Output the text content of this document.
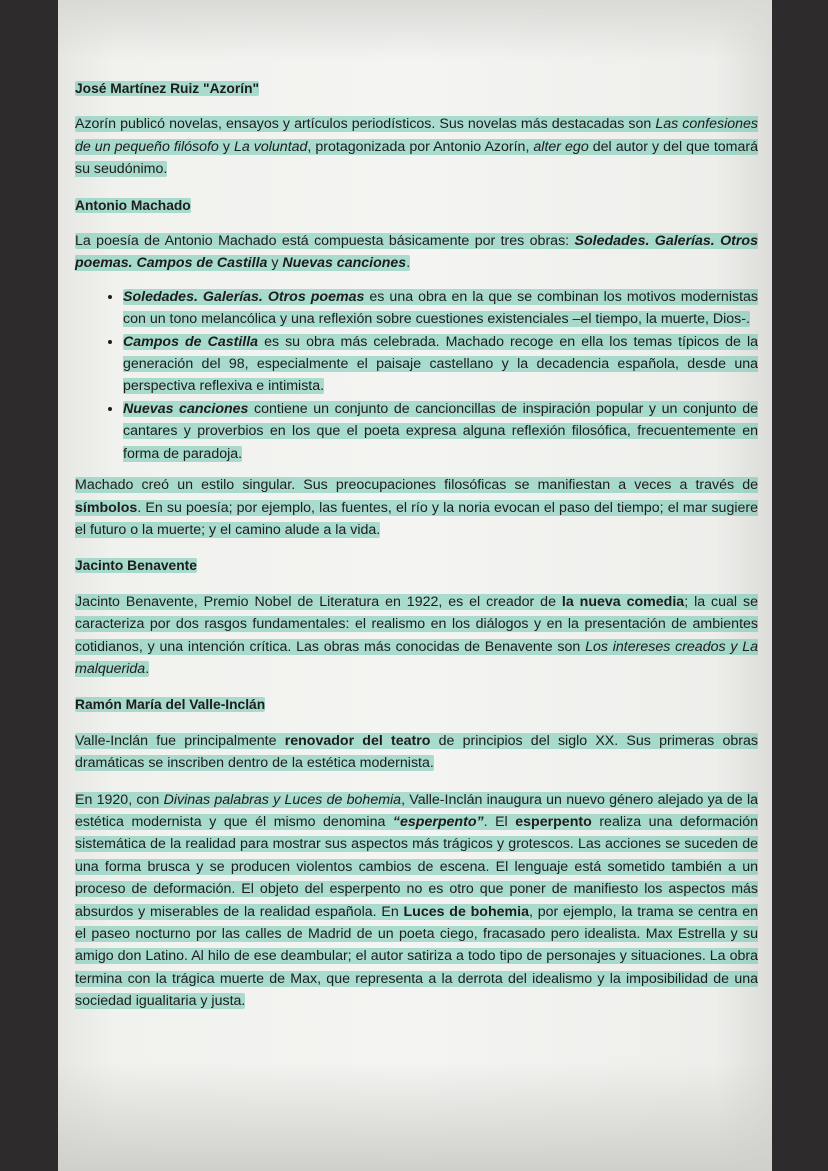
José Martínez Ruiz "Azorín"

Azorín publicó novelas, ensayos y artículos periodísticos. Sus novelas más destacadas son Las confesiones de un pequeño filósofo y La voluntad, protagonizada por Antonio Azorín, alter ego del autor y del que tomará su seudónimo.

Antonio Machado

La poesía de Antonio Machado está compuesta básicamente por tres obras: Soledades. Galerías. Otros poemas. Campos de Castilla y Nuevas canciones.

• Soledades. Galerías. Otros poemas es una obra en la que se combinan los motivos modernistas con un tono melancólica y una reflexión sobre cuestiones existenciales –el tiempo, la muerte, Dios-.
• Campos de Castilla es su obra más celebrada. Machado recoge en ella los temas típicos de la generación del 98, especialmente el paisaje castellano y la decadencia española, desde una perspectiva reflexiva e intimista.
• Nuevas canciones contiene un conjunto de cancioncillas de inspiración popular y un conjunto de cantares y proverbios en los que el poeta expresa alguna reflexión filosófica, frecuentemente en forma de paradoja.

Machado creó un estilo singular. Sus preocupaciones filosóficas se manifiestan a veces a través de símbolos. En su poesía; por ejemplo, las fuentes, el río y la noria evocan el paso del tiempo; el mar sugiere el futuro o la muerte; y el camino alude a la vida.

Jacinto Benavente

Jacinto Benavente, Premio Nobel de Literatura en 1922, es el creador de la nueva comedia; la cual se caracteriza por dos rasgos fundamentales: el realismo en los diálogos y en la presentación de ambientes cotidianos, y una intención crítica. Las obras más conocidas de Benavente son Los intereses creados y La malquerida.

Ramón María del Valle-Inclán

Valle-Inclán fue principalmente renovador del teatro de principios del siglo XX. Sus primeras obras dramáticas se inscriben dentro de la estética modernista.

En 1920, con Divinas palabras y Luces de bohemia, Valle-Inclán inaugura un nuevo género alejado ya de la estética modernista y que él mismo denomina “esperpento”. El esperpento realiza una deformación sistemática de la realidad para mostrar sus aspectos más trágicos y grotescos. Las acciones se suceden de una forma brusca y se producen violentos cambios de escena. El lenguaje está sometido también a un proceso de deformación. El objeto del esperpento no es otro que poner de manifiesto los aspectos más absurdos y miserables de la realidad española. En Luces de bohemia, por ejemplo, la trama se centra en el paseo nocturno por las calles de Madrid de un poeta ciego, fracasado pero idealista. Max Estrella y su amigo don Latino. Al hilo de ese deambular; el autor satiriza a todo tipo de personajes y situaciones. La obra termina con la trágica muerte de Max, que representa a la derrota del idealismo y la imposibilidad de una sociedad igualitaria y justa.
